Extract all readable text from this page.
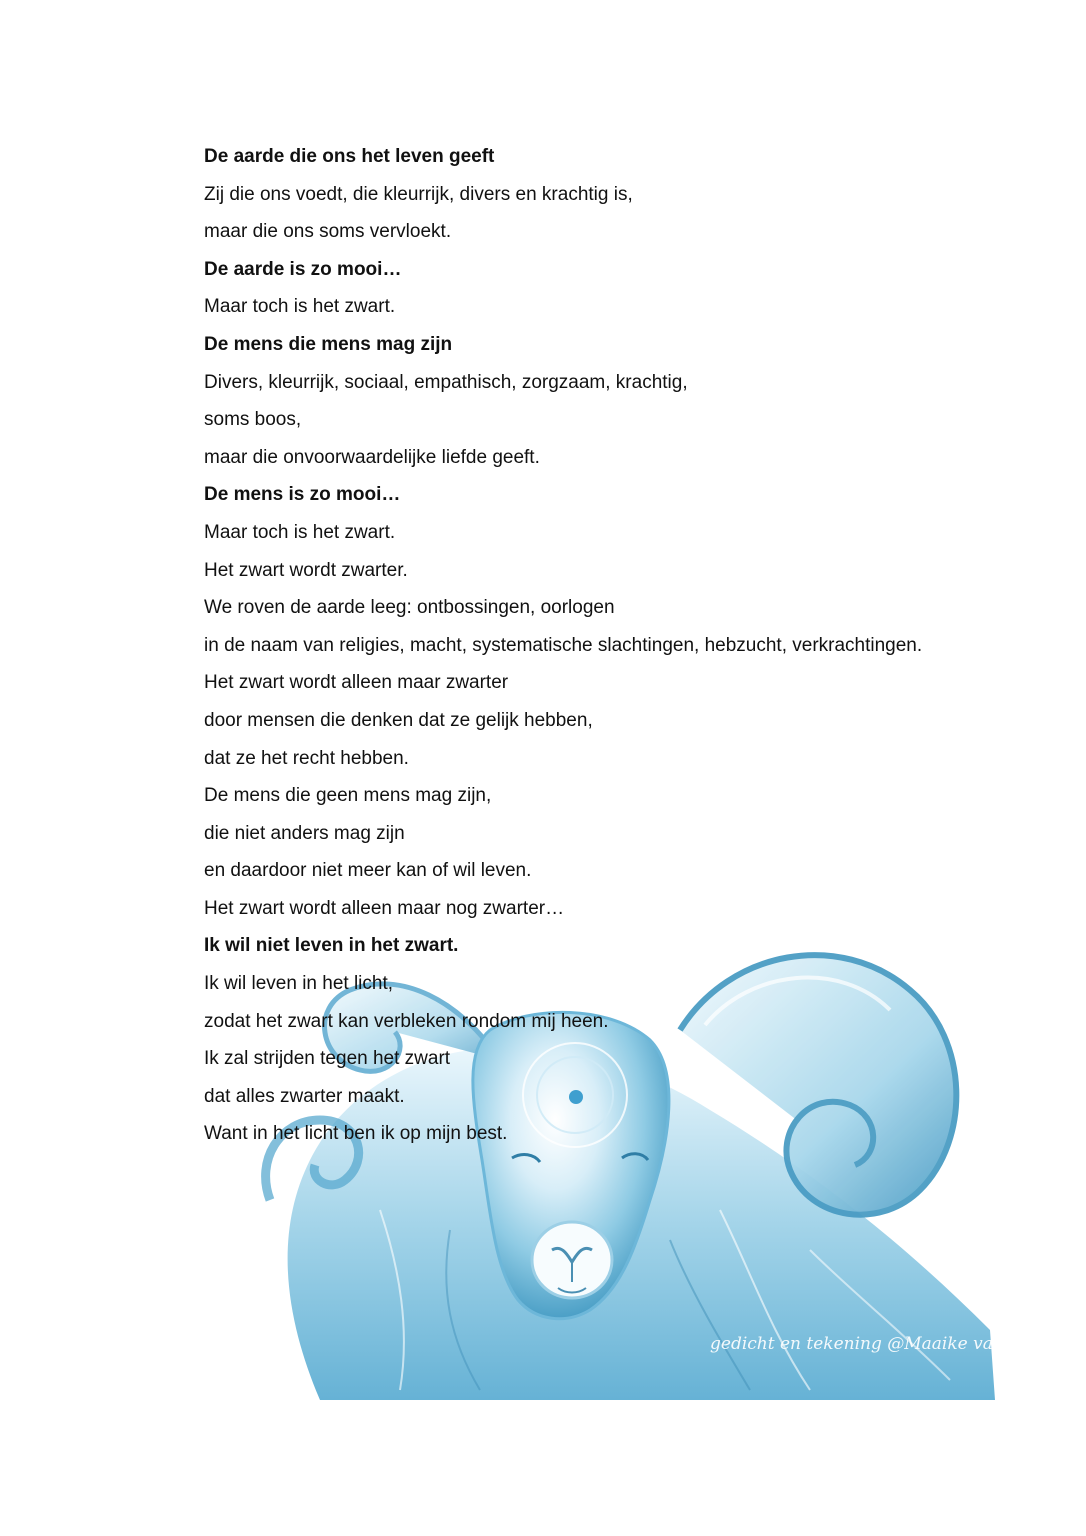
De aarde die ons het leven geeft
Zij die ons voedt, die kleurrijk, divers en krachtig is,
maar die ons soms vervloekt.
De aarde is zo mooi…
Maar toch is het zwart.
De mens die mens mag zijn
Divers, kleurrijk, sociaal, empathisch, zorgzaam, krachtig,
soms boos,
maar die onvoorwaardelijke liefde geeft.
De mens is zo mooi…
Maar toch is het zwart.
Het zwart wordt zwarter.
We roven de aarde leeg: ontbossingen, oorlogen
in de naam van religies, macht, systematische slachtingen, hebzucht, verkrachtingen.
Het zwart wordt alleen maar zwarter
door mensen die denken dat ze gelijk hebben,
dat ze het recht hebben.
De mens die geen mens mag zijn,
die niet anders mag zijn
en daardoor niet meer kan of wil leven.
Het zwart wordt alleen maar nog zwarter…
Ik wil niet leven in het zwart.
Ik wil leven in het licht,
zodat het zwart kan verbleken rondom mij heen.
Ik zal strijden tegen het zwart
dat alles zwarter maakt.
Want in het licht ben ik op mijn best.
gedicht en tekening @Maaike van Rijn
